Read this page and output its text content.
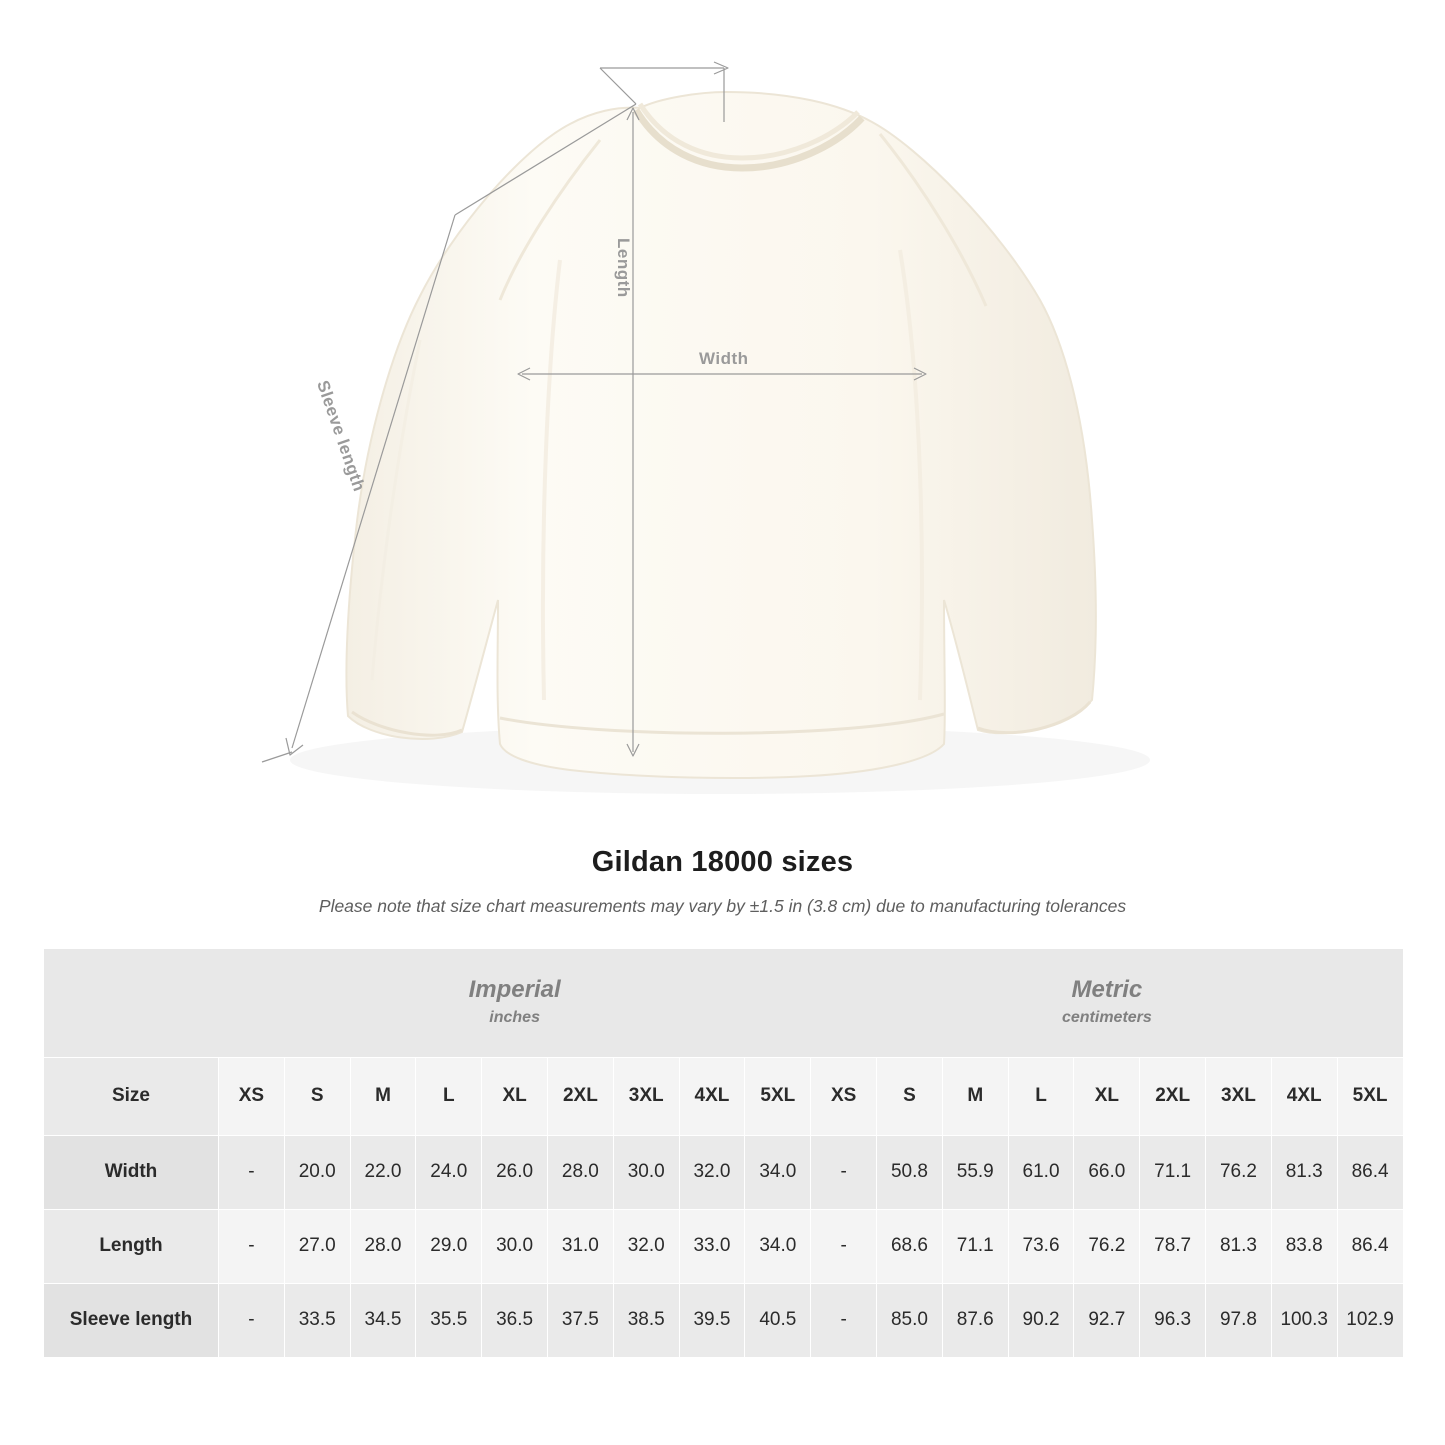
Length
Width
Sleeve length
Gildan 18000 sizes
Please note that size chart measurements may vary by ±1.5 in (3.8 cm) due to manufacturing tolerances

Imperial
inches

Metric
centimeters

Size	XS	S	M	L	XL	2XL	3XL	4XL	5XL	XS	S	M	L	XL	2XL	3XL	4XL	5XL
Width	-	20.0	22.0	24.0	26.0	28.0	30.0	32.0	34.0	-	50.8	55.9	61.0	66.0	71.1	76.2	81.3	86.4
Length	-	27.0	28.0	29.0	30.0	31.0	32.0	33.0	34.0	-	68.6	71.1	73.6	76.2	78.7	81.3	83.8	86.4
Sleeve length	-	33.5	34.5	35.5	36.5	37.5	38.5	39.5	40.5	-	85.0	87.6	90.2	92.7	96.3	97.8	100.3	102.9
